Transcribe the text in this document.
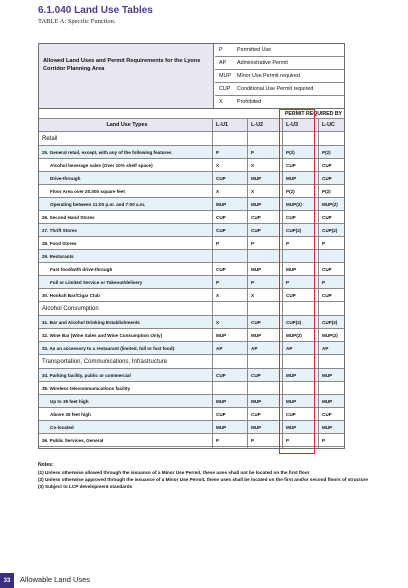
6.1.040 Land Use Tables
TABLE A: Specific Function.
Allowed Land Uses and Permit Requirements for the Lyons Corridor Planning Area
P	Permitted Use
AP Administrative Permit
MUP Minor Use Permit required
CUP Conditional Use Permit required
X	Prohibited
PERMIT REQUIRED BY
Land Use Types	L-U1	L-U2	L-U3	L-UC
Retail
25. General retail, except, with any of the following features	P	P	P(2)	P(2)
Alcohol beverage sales (Over 10% shelf space)	X	X	CUP	CUP
Drive-through	CUP	MUP	MUP	CUP
Floor Area over 20,000 square feet	X	X	P(2)	P(2)
Operating between 11:00 p.m. and 7:00 a.m.	MUP	MUP	MUP(2)	MUP(2)
26. Second Hand Stores	CUP	CUP	CUP	CUP
27. Thrift Stores	CUP	CUP	CUP(2)	CUP(2)
28. Food Stores	P	P	P	P
29. Resturants
Fast food/with drive-through	CUP	MUP	MUP	CUP
Full or Limited Service or Takeout/delivery	P	P	P	P
30. Hookah Bar/Cigar Club	X	X	CUP	CUP
Alcohol Consumption
31. Bar and Alcohol Drinking Establishments	X	CUP	CUP(2)	CUP(2)
32. Wine Bar (Wine Sales and Wine Consumption Only)	MUP	MUP	MUP(2)	MUP(2)
33. As an accessory to a restaurant (limited, full or fast food)	AP	AP	AP	AP
Transportation, Communications, Infrastructure
34. Parking facility, public or commercial	CUP	CUP	MUP	MUP
35. Wireless telecommunications facility
Up to 35 feet high	MUP	MUP	MUP	MUP
Above 35 feet high	CUP	CUP	CUP	CUP
Co-located	MUP	MUP	MUP	MUP
36. Public Services, General	P	P	P	P
Notes:
(1) Unless otherwise allowed through the issuance of a Minor Use Permit, these uses shall not be located on the first floor
(2) Unless otherwise approved through the issuance of a Minor Use Permit, these uses shall be located on the first and/or second floors of structure
(3) Subject to LCP development standards
33	Allowable Land Uses
